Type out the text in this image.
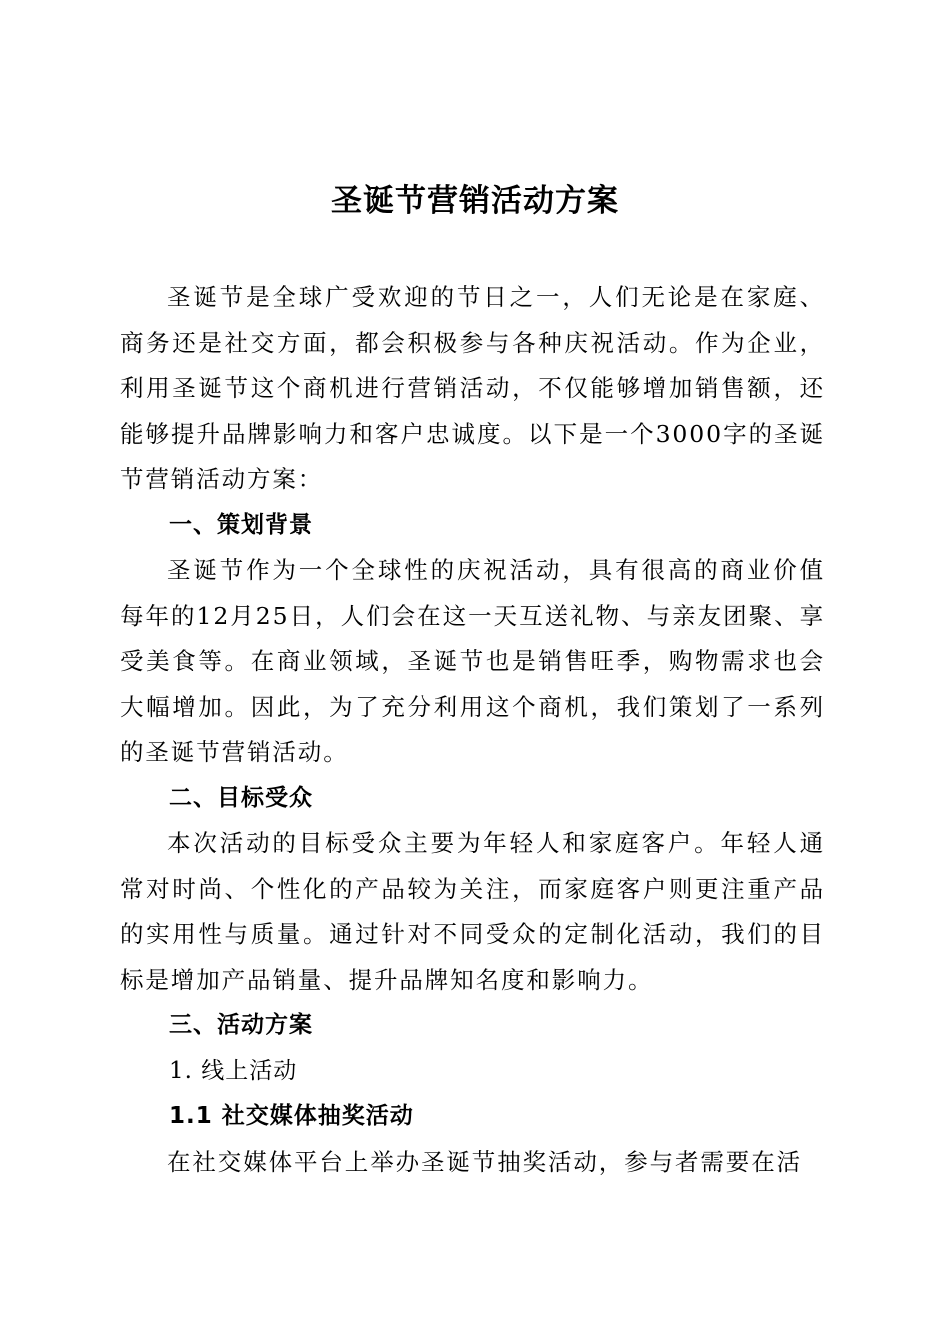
圣诞节营销活动方案

圣诞节是全球广受欢迎的节日之一，人们无论是在家庭、商务还是社交方面，都会积极参与各种庆祝活动。作为企业，利用圣诞节这个商机进行营销活动，不仅能够增加销售额，还能够提升品牌影响力和客户忠诚度。以下是一个3000字的圣诞节营销活动方案：

一、策划背景

圣诞节作为一个全球性的庆祝活动，具有很高的商业价值每年的12月25日，人们会在这一天互送礼物、与亲友团聚、享受美食等。在商业领域，圣诞节也是销售旺季，购物需求也会大幅增加。因此，为了充分利用这个商机，我们策划了一系列的圣诞节营销活动。

二、目标受众

本次活动的目标受众主要为年轻人和家庭客户。年轻人通常对时尚、个性化的产品较为关注，而家庭客户则更注重产品的实用性与质量。通过针对不同受众的定制化活动，我们的目标是增加产品销量、提升品牌知名度和影响力。

三、活动方案

1. 线上活动

1.1 社交媒体抽奖活动

在社交媒体平台上举办圣诞节抽奖活动，参与者需要在活
